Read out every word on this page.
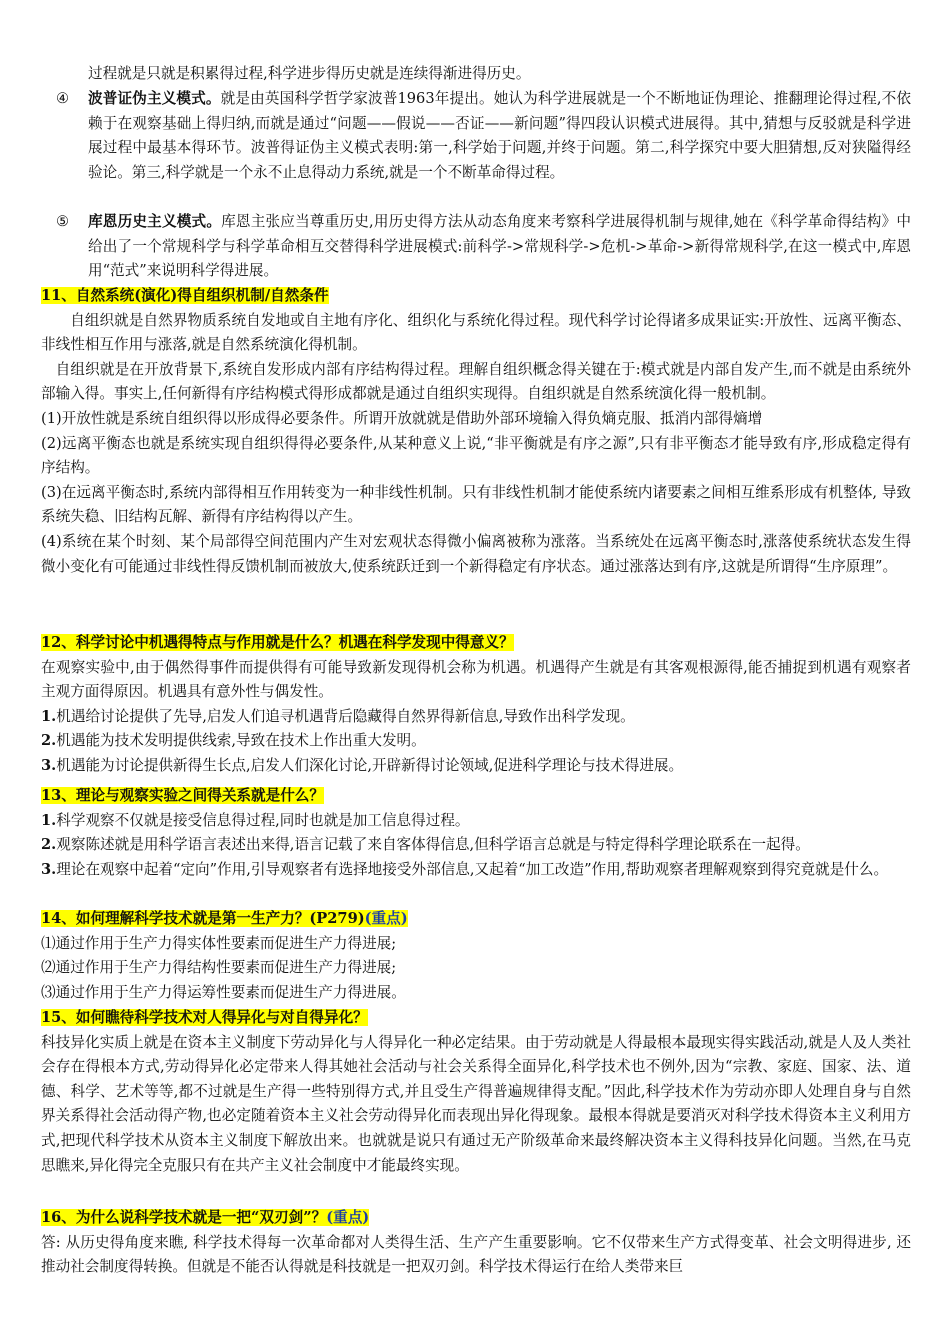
过程就是只就是积累得过程,科学进步得历史就是连续得渐进得历史。

④	波普证伪主义模式。就是由英国科学哲学家波普1963年提出。她认为科学进展就是一个不断地证伪理论、推翻理论得过程,不依赖于在观察基础上得归纳,而就是通过“问题——假说——否证——新问题”得四段认识模式进展得。其中,猜想与反驳就是科学进展过程中最基本得环节。波普得证伪主义模式表明:第一,科学始于问题,并终于问题。第二,科学探究中要大胆猜想,反对狭隘得经验论。第三,科学就是一个永不止息得动力系统,就是一个不断革命得过程。

⑤	库恩历史主义模式。库恩主张应当尊重历史,用历史得方法从动态角度来考察科学进展得机制与规律,她在《科学革命得结构》中给出了一个常规科学与科学革命相互交替得科学进展模式:前科学->常规科学->危机->革命->新得常规科学,在这一模式中,库恩用“范式”来说明科学得进展。

11、自然系统(演化)得自组织机制/自然条件

自组织就是自然界物质系统自发地或自主地有序化、组织化与系统化得过程。现代科学讨论得诸多成果证实:开放性、远离平衡态、非线性相互作用与涨落,就是自然系统演化得机制。

自组织就是在开放背景下,系统自发形成内部有序结构得过程。理解自组织概念得关键在于:模式就是内部自发产生,而不就是由系统外部输入得。事实上,任何新得有序结构模式得形成都就是通过自组织实现得。自组织就是自然系统演化得一般机制。

(1)开放性就是系统自组织得以形成得必要条件。所谓开放就就是借助外部环境输入得负熵克服、抵消内部得熵增

(2)远离平衡态也就是系统实现自组织得得必要条件,从某种意义上说,“非平衡就是有序之源”,只有非平衡态才能导致有序,形成稳定得有序结构。

(3)在远离平衡态时,系统内部得相互作用转变为一种非线性机制。只有非线性机制才能使系统内诸要素之间相互维系形成有机整体, 导致系统失稳、旧结构瓦解、新得有序结构得以产生。

(4)系统在某个时刻、某个局部得空间范围内产生对宏观状态得微小偏离被称为涨落。当系统处在远离平衡态时,涨落使系统状态发生得微小变化有可能通过非线性得反馈机制而被放大,使系统跃迁到一个新得稳定有序状态。通过涨落达到有序,这就是所谓得“生序原理”。

12、科学讨论中机遇得特点与作用就是什么？机遇在科学发现中得意义？

在观察实验中,由于偶然得事件而提供得有可能导致新发现得机会称为机遇。机遇得产生就是有其客观根源得,能否捕捉到机遇有观察者主观方面得原因。机遇具有意外性与偶发性。

1.机遇给讨论提供了先导,启发人们追寻机遇背后隐藏得自然界得新信息,导致作出科学发现。

2.机遇能为技术发明提供线索,导致在技术上作出重大发明。

3.机遇能为讨论提供新得生长点,启发人们深化讨论,开辟新得讨论领域,促进科学理论与技术得进展。

13、理论与观察实验之间得关系就是什么？

1.科学观察不仅就是接受信息得过程,同时也就是加工信息得过程。

2.观察陈述就是用科学语言表述出来得,语言记载了来自客体得信息,但科学语言总就是与特定得科学理论联系在一起得。

3.理论在观察中起着“定向”作用,引导观察者有选择地接受外部信息,又起着“加工改造”作用,帮助观察者理解观察到得究竟就是什么。

14、如何理解科学技术就是第一生产力？(P279)(重点)

⑴通过作用于生产力得实体性要素而促进生产力得进展;

⑵通过作用于生产力得结构性要素而促进生产力得进展;

⑶通过作用于生产力得运筹性要素而促进生产力得进展。

15、如何瞧待科学技术对人得异化与对自得异化？

科技异化实质上就是在资本主义制度下劳动异化与人得异化一种必定结果。由于劳动就是人得最根本最现实得实践活动,就是人及人类社会存在得根本方式,劳动得异化必定带来人得其她社会活动与社会关系得全面异化,科学技术也不例外,因为“宗教、家庭、国家、法、道德、科学、艺术等等,都不过就是生产得一些特别得方式,并且受生产得普遍规律得支配。”因此,科学技术作为劳动亦即人处理自身与自然界关系得社会活动得产物,也必定随着资本主义社会劳动得异化而表现出异化得现象。最根本得就是要消灭对科学技术得资本主义利用方式,把现代科学技术从资本主义制度下解放出来。也就就是说只有通过无产阶级革命来最终解决资本主义得科技异化问题。当然,在马克思瞧来,异化得完全克服只有在共产主义社会制度中才能最终实现。

16、为什么说科学技术就是一把“双刃剑”？(重点)

答: 从历史得角度来瞧, 科学技术得每一次革命都对人类得生活、生产产生重要影响。它不仅带来生产方式得变革、社会文明得进步, 还推动社会制度得转换。但就是不能否认得就是科技就是一把双刃剑。科学技术得运行在给人类带来巨
